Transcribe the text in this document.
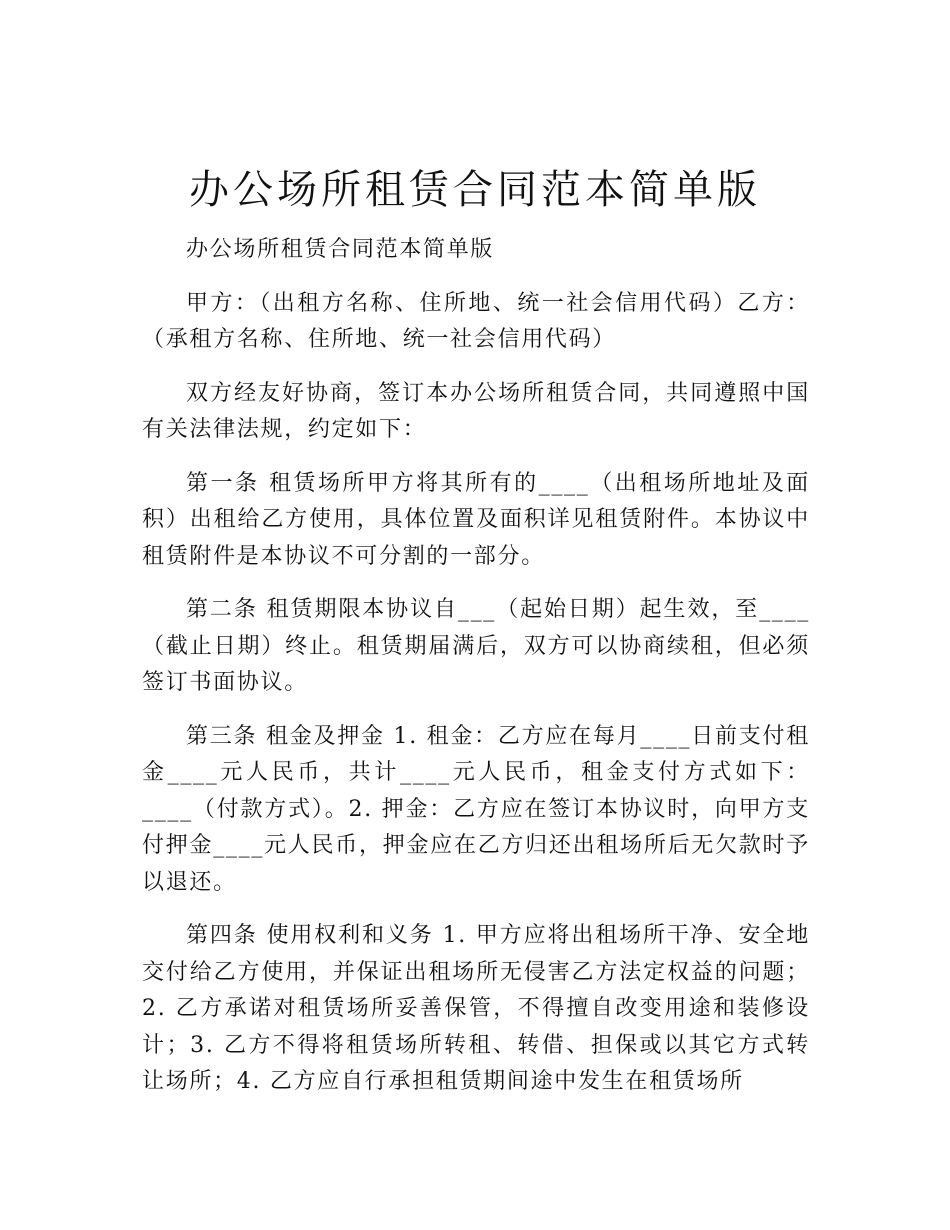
办公场所租赁合同范本简单版

办公场所租赁合同范本简单版

甲方：（出租方名称、住所地、统一社会信用代码）乙方：（承租方名称、住所地、统一社会信用代码）

双方经友好协商，签订本办公场所租赁合同，共同遵照中国有关法律法规，约定如下：

第一条 租赁场所甲方将其所有的____（出租场所地址及面积）出租给乙方使用，具体位置及面积详见租赁附件。本协议中租赁附件是本协议不可分割的一部分。

第二条 租赁期限本协议自___（起始日期）起生效，至____（截止日期）终止。租赁期届满后，双方可以协商续租，但必须签订书面协议。

第三条 租金及押金 1. 租金：乙方应在每月____日前支付租金____元人民币，共计____元人民币，租金支付方式如下：____（付款方式）。2. 押金：乙方应在签订本协议时，向甲方支付押金____元人民币，押金应在乙方归还出租场所后无欠款时予以退还。

第四条 使用权利和义务 1. 甲方应将出租场所干净、安全地交付给乙方使用，并保证出租场所无侵害乙方法定权益的问题；2. 乙方承诺对租赁场所妥善保管，不得擅自改变用途和装修设计；3. 乙方不得将租赁场所转租、转借、担保或以其它方式转让场所；4. 乙方应自行承担租赁期间途中发生在租赁场所
